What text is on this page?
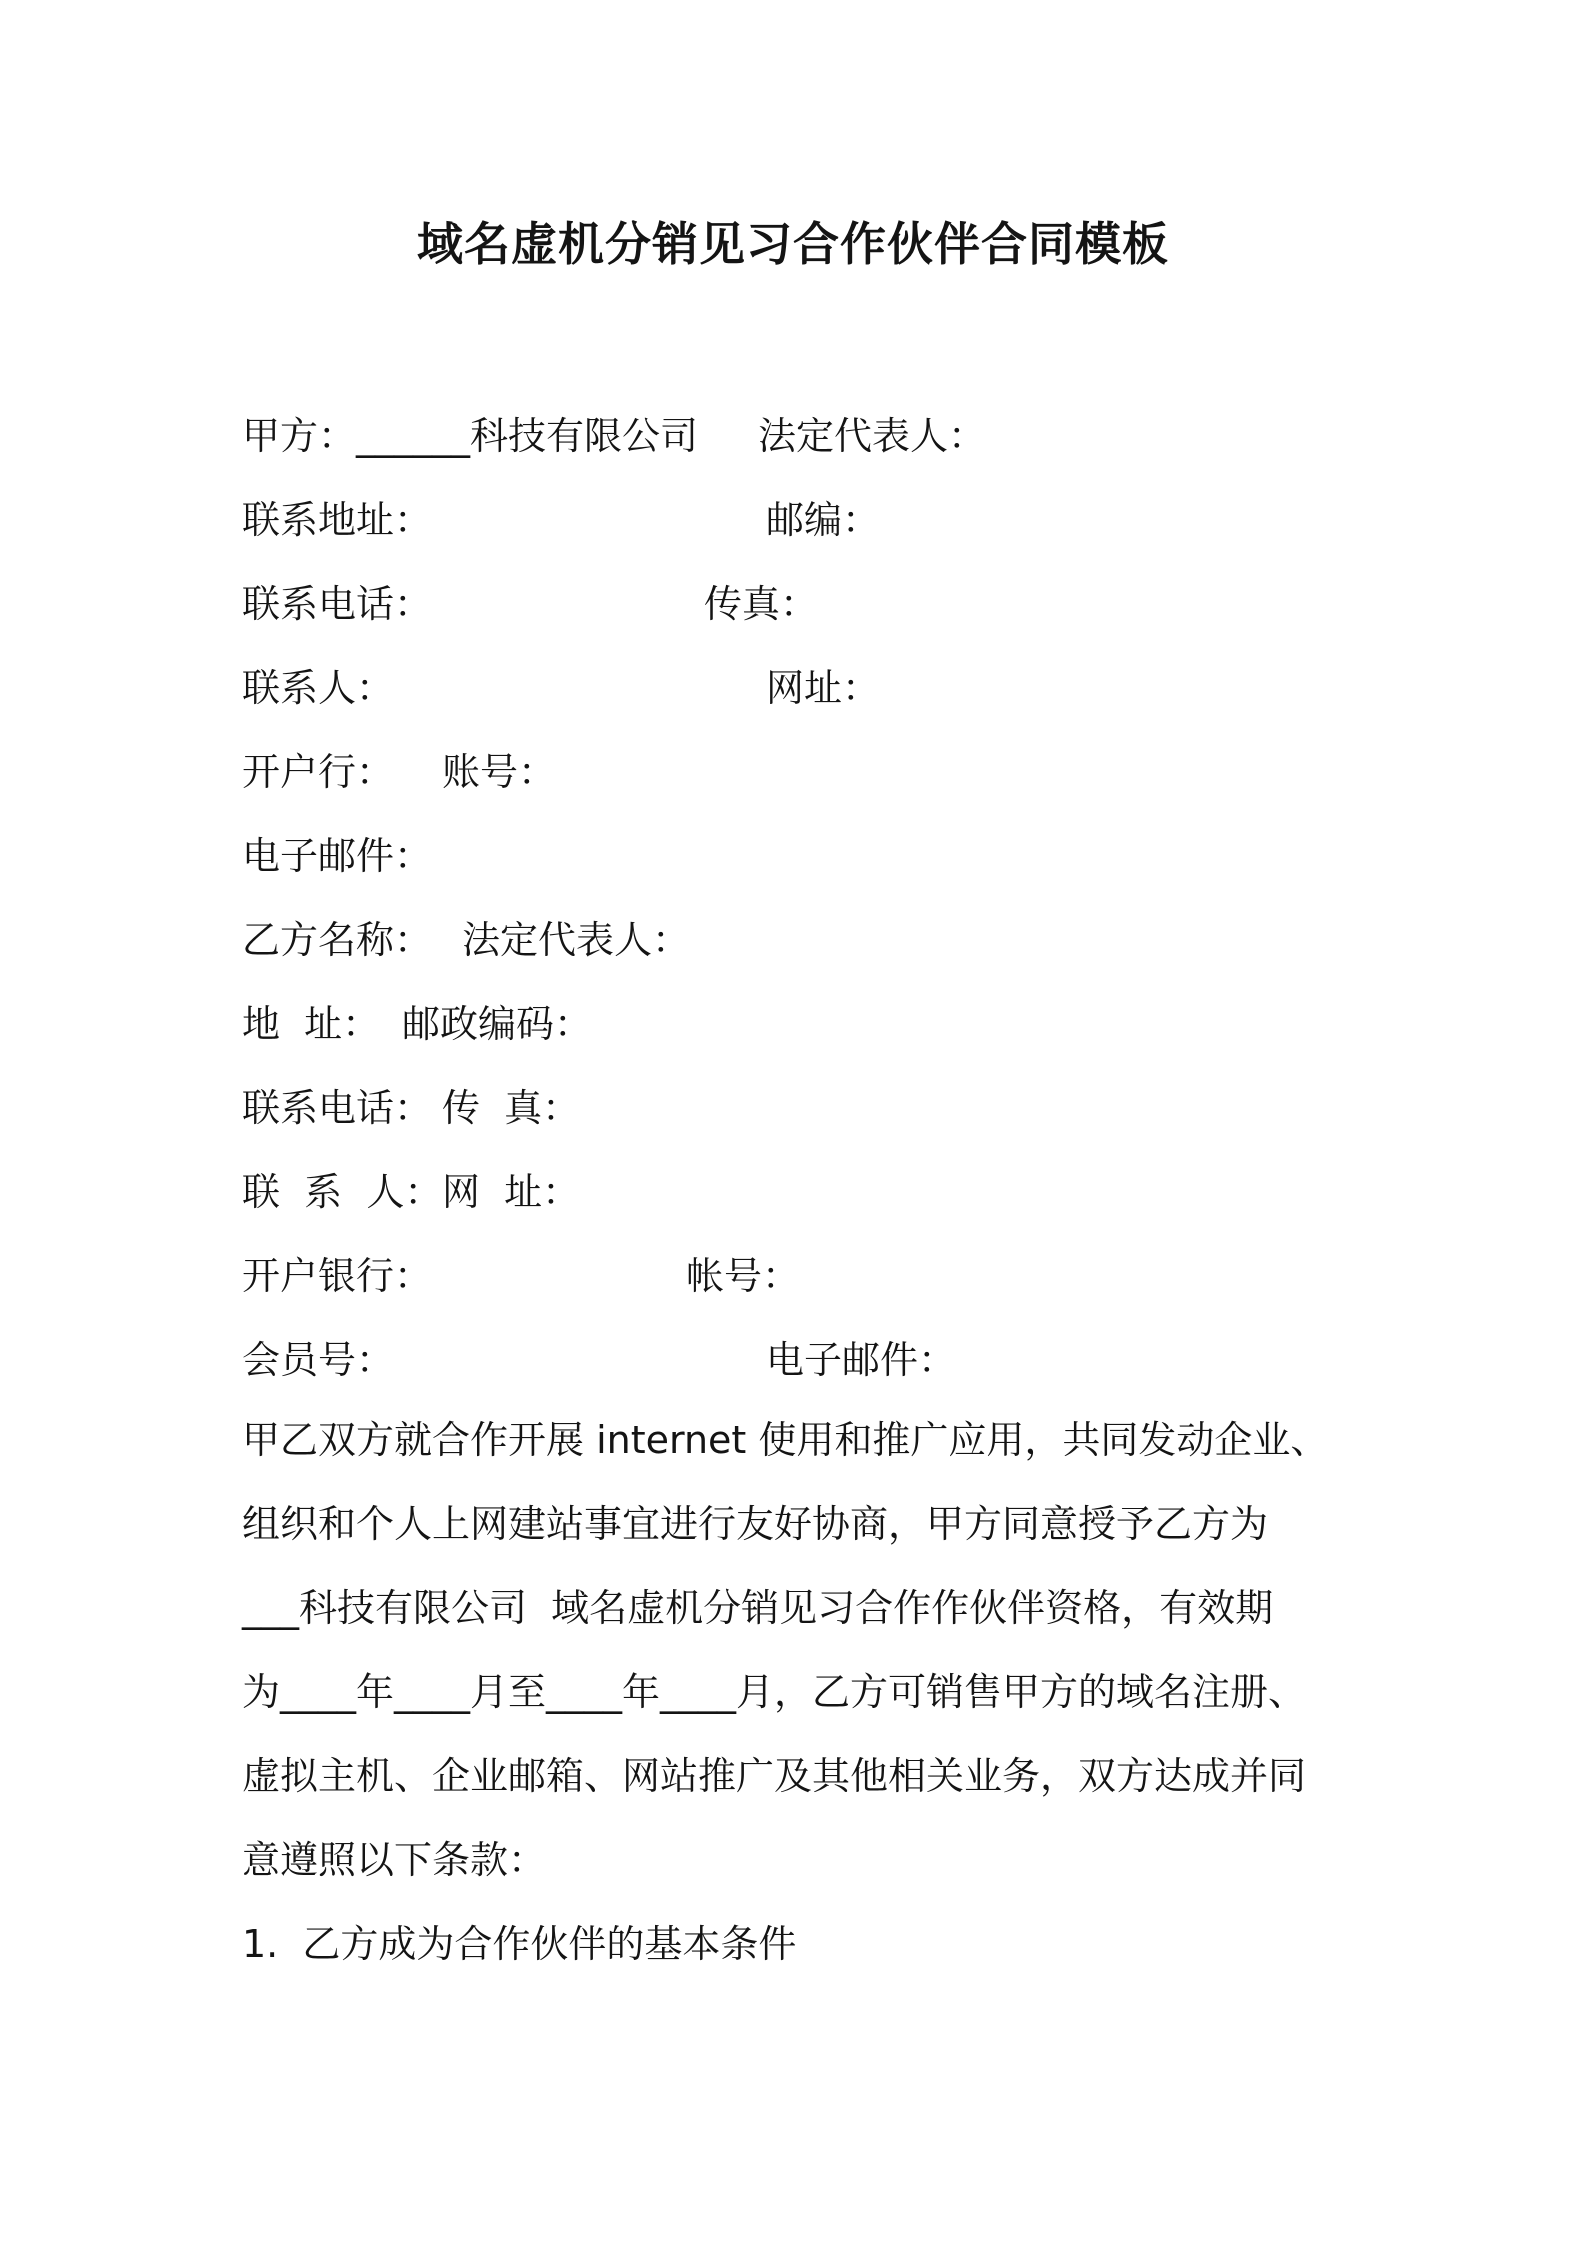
域名虚机分销见习合作伙伴合同模板
甲方：______科技有限公司 法定代表人：
联系地址：	邮编：
联系电话：	传真：
联系人：	网址：
开户行： 账号：
电子邮件：
乙方名称： 法定代表人：
地  址： 邮政编码：
联系电话： 传  真：
联  系  人： 网  址：
开户银行：	帐号：
会员号：	电子邮件：
甲乙双方就合作开展 internet 使用和推广应用，共同发动企业、
组织和个人上网建站事宜进行友好协商，甲方同意授予乙方为
___科技有限公司  域名虚机分销见习合作作伙伴资格，有效期
为____年____月至____年____月，乙方可销售甲方的域名注册、
虚拟主机、企业邮箱、网站推广及其他相关业务，双方达成并同
意遵照以下条款：
1.  乙方成为合作伙伴的基本条件
